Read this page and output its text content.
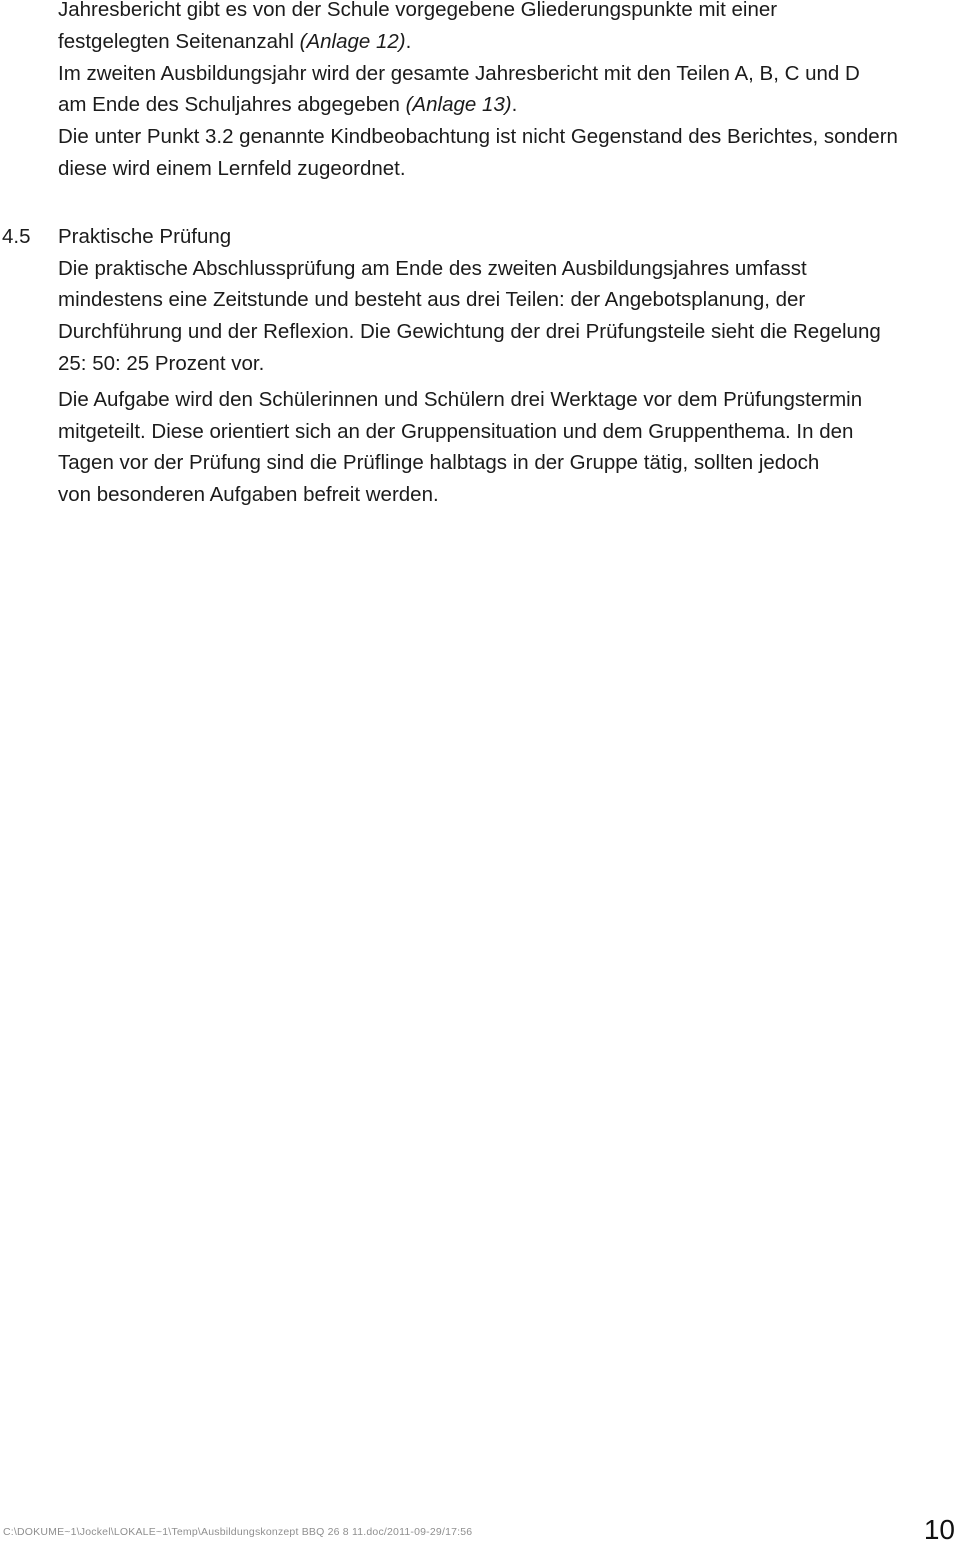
Jahresbericht gibt es von der Schule vorgegebene Gliederungspunkte mit einer
festgelegten Seitenanzahl (Anlage 12).
Im zweiten Ausbildungsjahr wird der gesamte Jahresbericht mit den Teilen A, B, C und D
am Ende des Schuljahres abgegeben (Anlage 13).
Die unter Punkt 3.2 genannte Kindbeobachtung ist nicht Gegenstand des Berichtes, sondern
diese wird einem Lernfeld zugeordnet.
4.5	Praktische Prüfung
Die praktische Abschlussprüfung am Ende des zweiten Ausbildungsjahres umfasst
mindestens eine Zeitstunde und besteht aus drei Teilen: der Angebotsplanung, der
Durchführung und der Reflexion. Die Gewichtung der drei Prüfungsteile sieht die Regelung
25: 50: 25 Prozent vor.
Die Aufgabe wird den Schülerinnen und Schülern drei Werktage vor dem Prüfungstermin
mitgeteilt. Diese orientiert sich an der Gruppensituation und dem Gruppenthema. In den
Tagen vor der Prüfung sind die Prüflinge halbtags in der Gruppe tätig, sollten jedoch
von besonderen Aufgaben befreit werden.
C:\DOKUME~1\Jockel\LOKALE~1\Temp\Ausbildungskonzept BBQ 26 8 11.doc/2011-09-29/17:56	10
